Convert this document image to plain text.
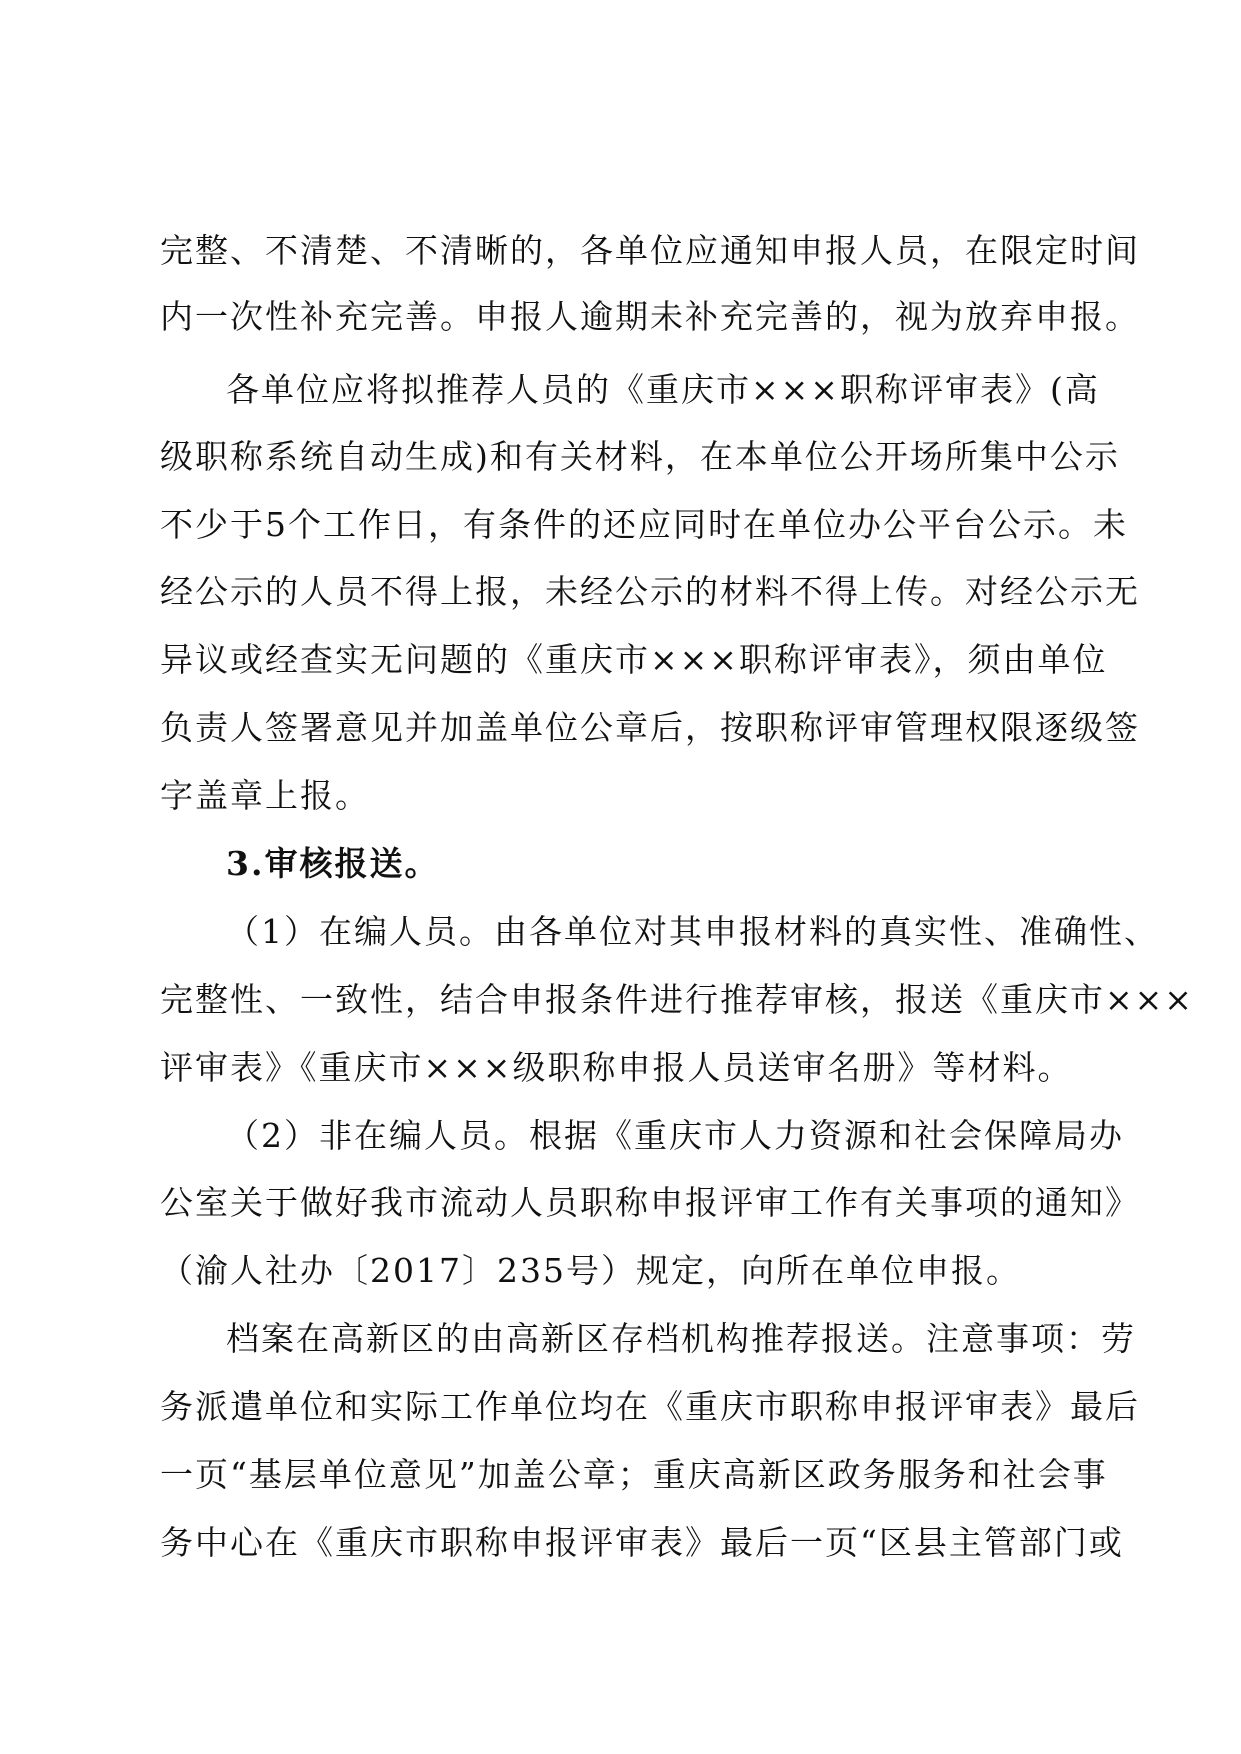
完整、不清楚、不清晰的，各单位应通知申报人员，在限定时间
内一次性补充完善。申报人逾期未补充完善的，视为放弃申报。
各单位应将拟推荐人员的《重庆市×××职称评审表》(高
级职称系统自动生成)和有关材料，在本单位公开场所集中公示
不少于5个工作日，有条件的还应同时在单位办公平台公示。未
经公示的人员不得上报，未经公示的材料不得上传。对经公示无
异议或经查实无问题的《重庆市×××职称评审表》，须由单位
负责人签署意见并加盖单位公章后，按职称评审管理权限逐级签
字盖章上报。
3.审核报送。
（1）在编人员。由各单位对其申报材料的真实性、准确性、
完整性、一致性，结合申报条件进行推荐审核，报送《重庆市×××
评审表》《重庆市×××级职称申报人员送审名册》等材料。
（2）非在编人员。根据《重庆市人力资源和社会保障局办
公室关于做好我市流动人员职称申报评审工作有关事项的通知》
（渝人社办〔2017〕235号）规定，向所在单位申报。
档案在高新区的由高新区存档机构推荐报送。注意事项：劳
务派遣单位和实际工作单位均在《重庆市职称申报评审表》最后
一页“基层单位意见”加盖公章；重庆高新区政务服务和社会事
务中心在《重庆市职称申报评审表》最后一页“区县主管部门或
